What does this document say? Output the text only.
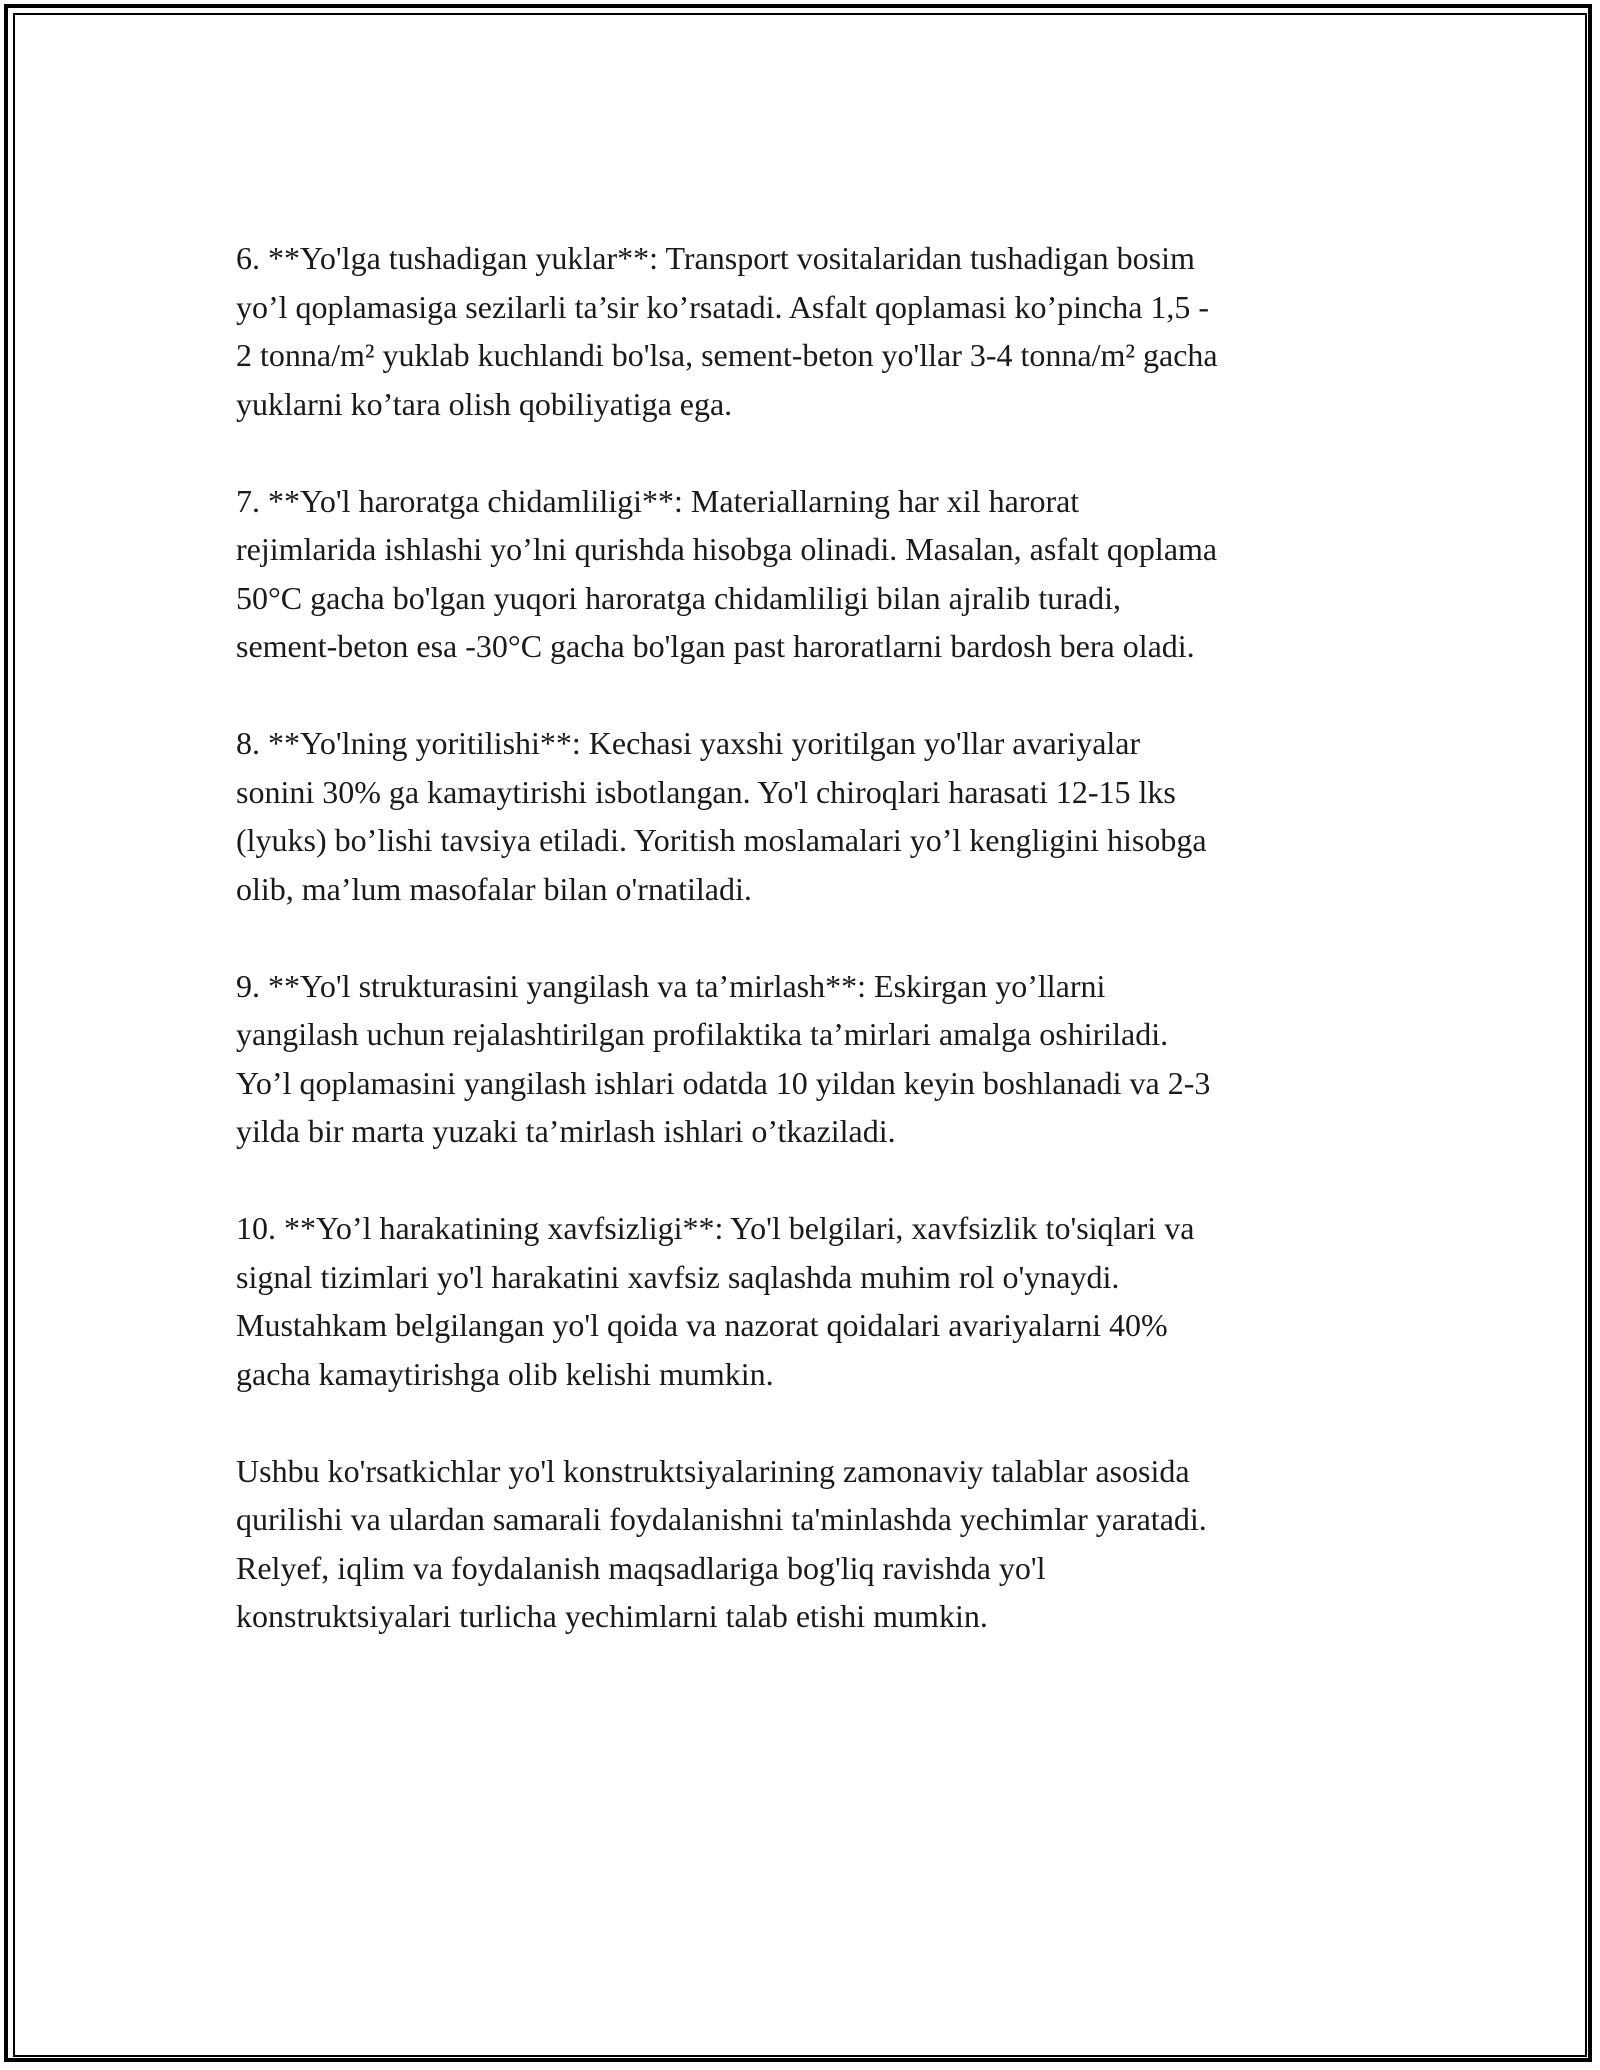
6. **Yo'lga tushadigan yuklar**: Transport vositalaridan tushadigan bosim
yo’l qoplamasiga sezilarli ta’sir ko’rsatadi. Asfalt qoplamasi ko’pincha 1,5 -
2 tonna/m² yuklab kuchlandi bo'lsa, sement-beton yo'llar 3-4 tonna/m² gacha
yuklarni ko’tara olish qobiliyatiga ega.

7. **Yo'l haroratga chidamliligi**: Materiallarning har xil harorat
rejimlarida ishlashi yo’lni qurishda hisobga olinadi. Masalan, asfalt qoplama
50°C gacha bo'lgan yuqori haroratga chidamliligi bilan ajralib turadi,
sement-beton esa -30°C gacha bo'lgan past haroratlarni bardosh bera oladi.

8. **Yo'lning yoritilishi**: Kechasi yaxshi yoritilgan yo'llar avariyalar
sonini 30% ga kamaytirishi isbotlangan. Yo'l chiroqlari harasati 12-15 lks
(lyuks) bo’lishi tavsiya etiladi. Yoritish moslamalari yo’l kengligini hisobga
olib, ma’lum masofalar bilan o'rnatiladi.

9. **Yo'l strukturasini yangilash va ta’mirlash**: Eskirgan yo’llarni
yangilash uchun rejalashtirilgan profilaktika ta’mirlari amalga oshiriladi.
Yo’l qoplamasini yangilash ishlari odatda 10 yildan keyin boshlanadi va 2-3
yilda bir marta yuzaki ta’mirlash ishlari o’tkaziladi.

10. **Yo’l harakatining xavfsizligi**: Yo'l belgilari, xavfsizlik to'siqlari va
signal tizimlari yo'l harakatini xavfsiz saqlashda muhim rol o'ynaydi.
Mustahkam belgilangan yo'l qoida va nazorat qoidalari avariyalarni 40%
gacha kamaytirishga olib kelishi mumkin.

Ushbu ko'rsatkichlar yo'l konstruktsiyalarining zamonaviy talablar asosida
qurilishi va ulardan samarali foydalanishni ta'minlashda yechimlar yaratadi.
Relyef, iqlim va foydalanish maqsadlariga bog'liq ravishda yo'l
konstruktsiyalari turlicha yechimlarni talab etishi mumkin.
